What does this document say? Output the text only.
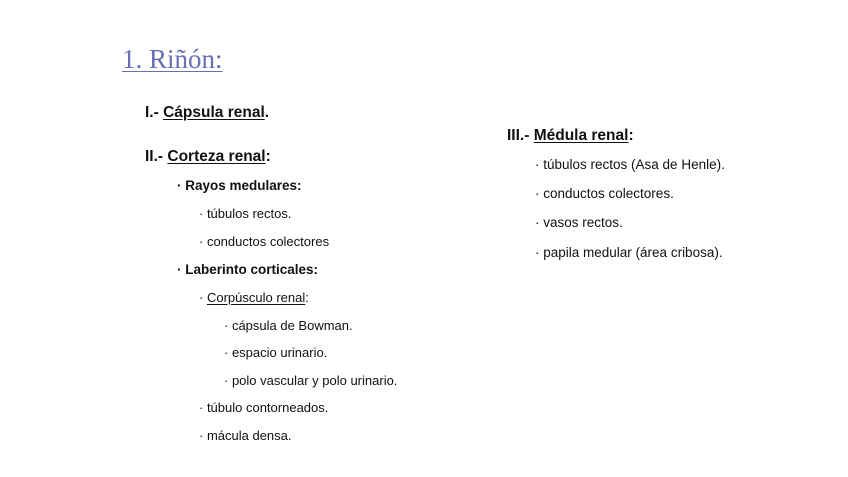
1. Riñón:
I.- Cápsula renal.
II.- Corteza renal:
· Rayos medulares:
· túbulos rectos.
· conductos colectores
· Laberinto corticales:
· Corpúsculo renal:
· cápsula de Bowman.
· espacio urinario.
· polo vascular y polo urinario.
· túbulo contorneados.
· mácula densa.
III.- Médula renal:
· túbulos rectos (Asa de Henle).
· conductos colectores.
· vasos rectos.
· papila medular (área cribosa).
